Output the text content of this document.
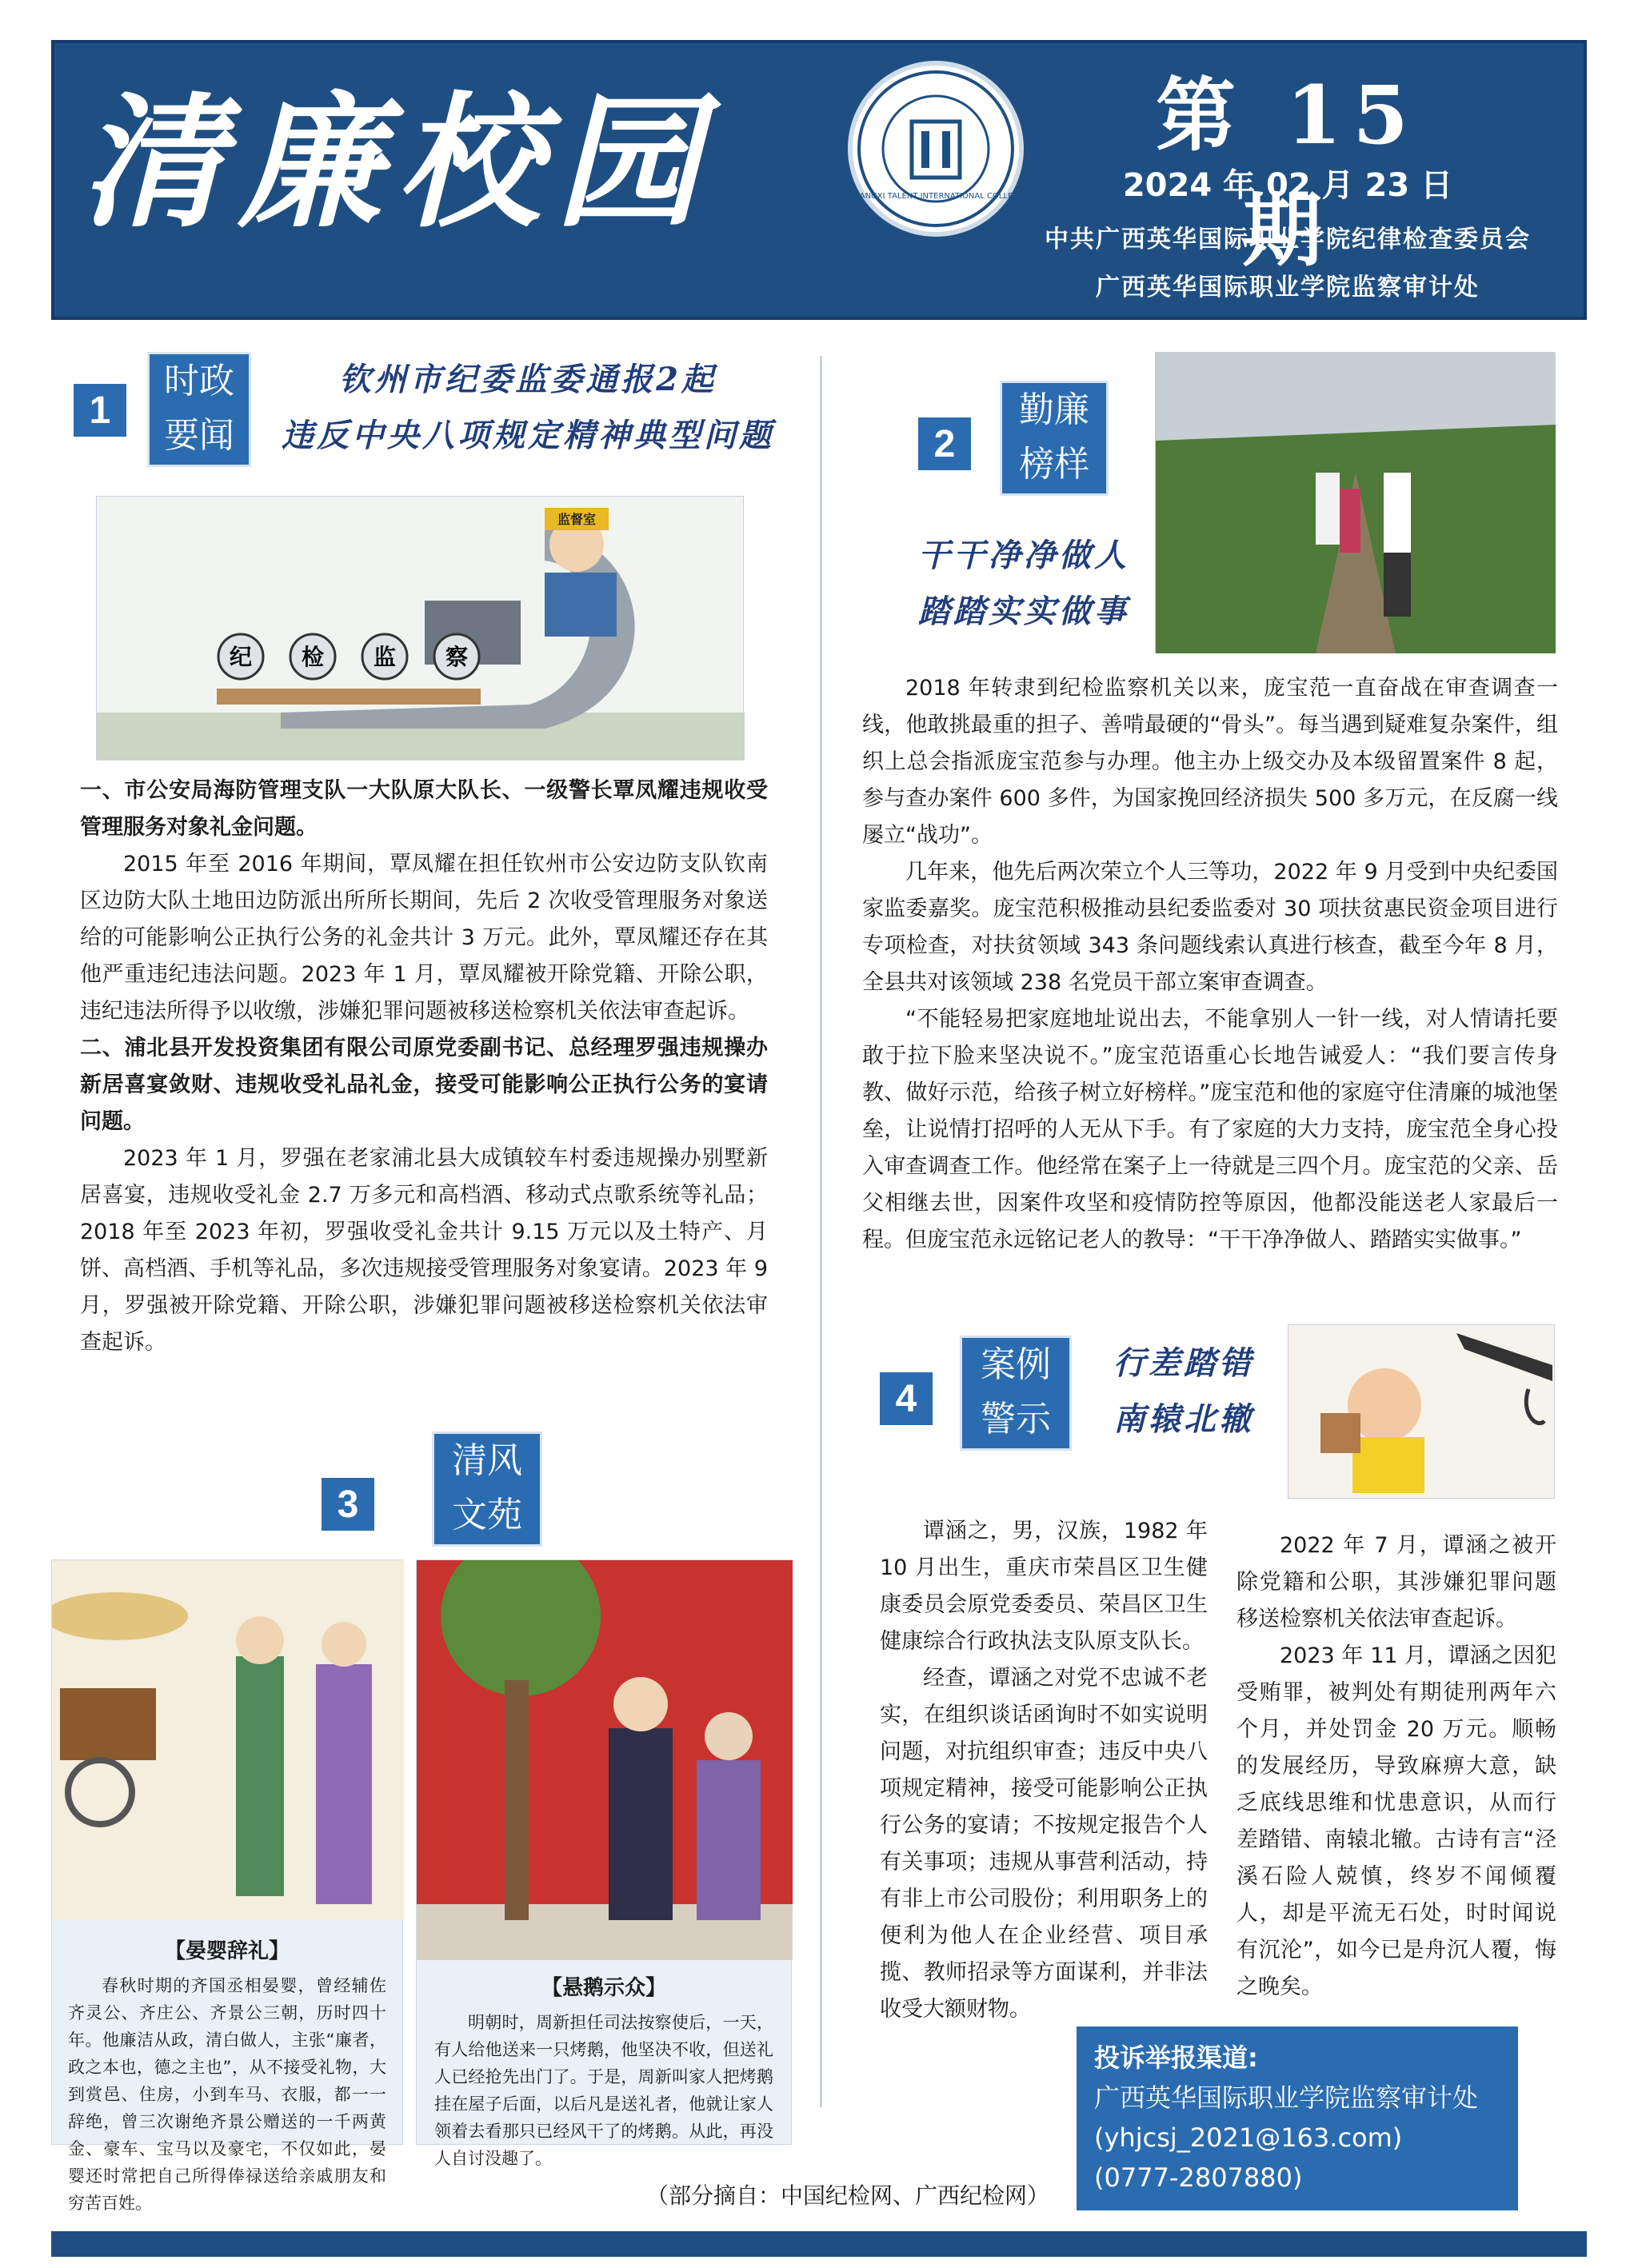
清廉校园	GUANGXI TALENT INTERNATIONAL COLLEGE
第 15 期
2024 年 02 月 23 日
中共广西英华国际职业学院纪律检查委员会
广西英华国际职业学院监察审计处
1
时政
要闻
钦州市纪委监委通报2起
违反中央八项规定精神典型问题
监督室
纪 检 监 察

一、市公安局海防管理支队一大队原大队长、一级警长覃凤耀违规收受管理服务对象礼金问题。

2015 年至 2016 年期间，覃凤耀在担任钦州市公安边防支队钦南区边防大队土地田边防派出所所长期间，先后 2 次收受管理服务对象送给的可能影响公正执行公务的礼金共计 3 万元。此外，覃凤耀还存在其他严重违纪违法问题。2023 年 1 月，覃凤耀被开除党籍、开除公职，违纪违法所得予以收缴，涉嫌犯罪问题被移送检察机关依法审查起诉。

二、浦北县开发投资集团有限公司原党委副书记、总经理罗强违规操办新居喜宴敛财、违规收受礼品礼金，接受可能影响公正执行公务的宴请问题。

2023 年 1 月，罗强在老家浦北县大成镇较车村委违规操办别墅新居喜宴，违规收受礼金 2.7 万多元和高档酒、移动式点歌系统等礼品；2018 年至 2023 年初，罗强收受礼金共计 9.15 万元以及土特产、月饼、高档酒、手机等礼品，多次违规接受管理服务对象宴请。2023 年 9 月，罗强被开除党籍、开除公职，涉嫌犯罪问题被移送检察机关依法审查起诉。

2
勤廉
榜样
干干净净做人
踏踏实实做事

2018 年转隶到纪检监察机关以来，庞宝范一直奋战在审查调查一线，他敢挑最重的担子、善啃最硬的“骨头”。每当遇到疑难复杂案件，组织上总会指派庞宝范参与办理。他主办上级交办及本级留置案件 8 起，参与查办案件 600 多件，为国家挽回经济损失 500 多万元，在反腐一线屡立“战功”。

几年来，他先后两次荣立个人三等功，2022 年 9 月受到中央纪委国家监委嘉奖。庞宝范积极推动县纪委监委对 30 项扶贫惠民资金项目进行专项检查，对扶贫领域 343 条问题线索认真进行核查，截至今年 8 月，全县共对该领域 238 名党员干部立案审查调查。

“不能轻易把家庭地址说出去，不能拿别人一针一线，对人情请托要敢于拉下脸来坚决说不。”庞宝范语重心长地告诫爱人：“我们要言传身教、做好示范，给孩子树立好榜样。”庞宝范和他的家庭守住清廉的城池堡垒，让说情打招呼的人无从下手。有了家庭的大力支持，庞宝范全身心投入审查调查工作。他经常在案子上一待就是三四个月。庞宝范的父亲、岳父相继去世，因案件攻坚和疫情防控等原因，他都没能送老人家最后一程。但庞宝范永远铭记老人的教导：“干干净净做人、踏踏实实做事。”

3
清风
文苑
【晏婴辞礼】
春秋时期的齐国丞相晏婴，曾经辅佐齐灵公、齐庄公、齐景公三朝，历时四十年。他廉洁从政，清白做人，主张“廉者，政之本也，德之主也”，从不接受礼物，大到赏邑、住房，小到车马、衣服，都一一辞绝，曾三次谢绝齐景公赠送的一千两黄金、豪车、宝马以及豪宅，不仅如此，晏婴还时常把自己所得俸禄送给亲戚朋友和穷苦百姓。
【悬鹅示众】
明朝时，周新担任司法按察使后，一天，有人给他送来一只烤鹅，他坚决不收，但送礼人已经抢先出门了。于是，周新叫家人把烤鹅挂在屋子后面，以后凡是送礼者，他就让家人领着去看那只已经风干了的烤鹅。从此，再没人自讨没趣了。
4
案例
警示
行差踏错
南辕北辙

谭涵之，男，汉族，1982 年 10 月出生，重庆市荣昌区卫生健康委员会原党委委员、荣昌区卫生健康综合行政执法支队原支队长。

经查，谭涵之对党不忠诚不老实，在组织谈话函询时不如实说明问题，对抗组织审查；违反中央八项规定精神，接受可能影响公正执行公务的宴请；不按规定报告个人有关事项；违规从事营利活动，持有非上市公司股份；利用职务上的便利为他人在企业经营、项目承揽、教师招录等方面谋利，并非法收受大额财物。

2022 年 7 月，谭涵之被开除党籍和公职，其涉嫌犯罪问题移送检察机关依法审查起诉。

2023 年 11 月，谭涵之因犯受贿罪，被判处有期徒刑两年六个月，并处罚金 20 万元。顺畅的发展经历，导致麻痹大意，缺乏底线思维和忧患意识，从而行差踏错、南辕北辙。古诗有言“泾溪石险人兢慎，终岁不闻倾覆人，却是平流无石处，时时闻说有沉沦”，如今已是舟沉人覆，悔之晚矣。

投诉举报渠道:
广西英华国际职业学院监察审计处
(yhjcsj_2021@163.com)
(0777-2807880)
（部分摘自：中国纪检网、广西纪检网）
